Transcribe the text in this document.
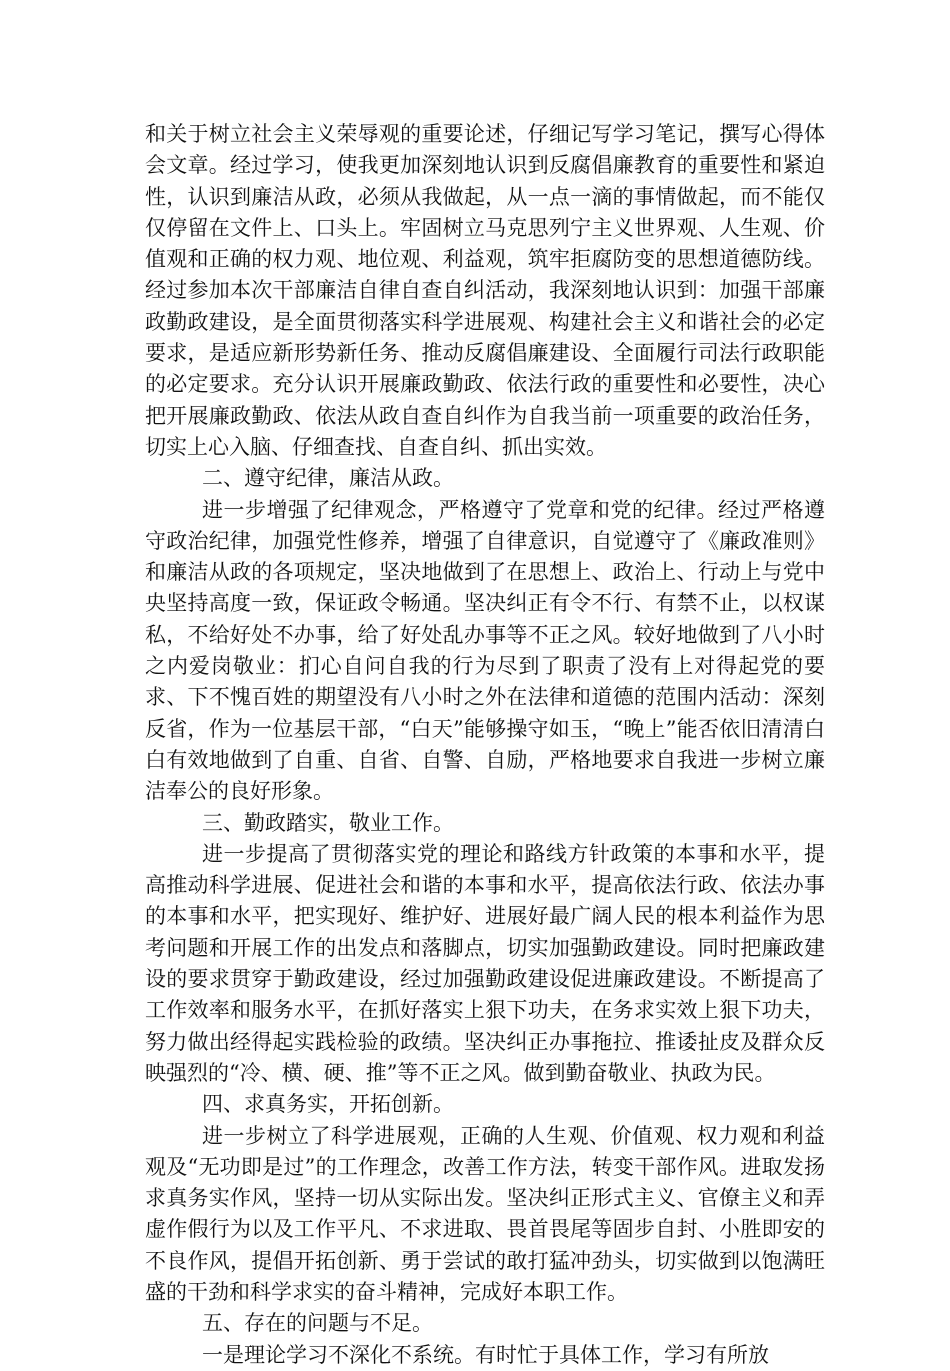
和关于树立社会主义荣辱观的重要论述，仔细记写学习笔记，撰写心得体会文章。经过学习，使我更加深刻地认识到反腐倡廉教育的重要性和紧迫性，认识到廉洁从政，必须从我做起，从一点一滴的事情做起，而不能仅仅停留在文件上、口头上。牢固树立马克思列宁主义世界观、人生观、价值观和正确的权力观、地位观、利益观，筑牢拒腐防变的思想道德防线。经过参加本次干部廉洁自律自查自纠活动，我深刻地认识到：加强干部廉政勤政建设，是全面贯彻落实科学进展观、构建社会主义和谐社会的必定要求，是适应新形势新任务、推动反腐倡廉建设、全面履行司法行政职能的必定要求。充分认识开展廉政勤政、依法行政的重要性和必要性，决心把开展廉政勤政、依法从政自查自纠作为自我当前一项重要的政治任务，切实上心入脑、仔细查找、自查自纠、抓出实效。

二、遵守纪律，廉洁从政。

进一步增强了纪律观念，严格遵守了党章和党的纪律。经过严格遵守政治纪律，加强党性修养，增强了自律意识，自觉遵守了《廉政准则》和廉洁从政的各项规定，坚决地做到了在思想上、政治上、行动上与党中央坚持高度一致，保证政令畅通。坚决纠正有令不行、有禁不止，以权谋私，不给好处不办事，给了好处乱办事等不正之风。较好地做到了八小时之内爱岗敬业：扪心自问自我的行为尽到了职责了没有上对得起党的要求、下不愧百姓的期望没有八小时之外在法律和道德的范围内活动：深刻反省，作为一位基层干部，“白天”能够操守如玉，“晚上”能否依旧清清白白有效地做到了自重、自省、自警、自励，严格地要求自我进一步树立廉洁奉公的良好形象。

三、勤政踏实，敬业工作。

进一步提高了贯彻落实党的理论和路线方针政策的本事和水平，提高推动科学进展、促进社会和谐的本事和水平，提高依法行政、依法办事的本事和水平，把实现好、维护好、进展好最广阔人民的根本利益作为思考问题和开展工作的出发点和落脚点，切实加强勤政建设。同时把廉政建设的要求贯穿于勤政建设，经过加强勤政建设促进廉政建设。不断提高了工作效率和服务水平，在抓好落实上狠下功夫，在务求实效上狠下功夫，努力做出经得起实践检验的政绩。坚决纠正办事拖拉、推诿扯皮及群众反映强烈的“冷、横、硬、推”等不正之风。做到勤奋敬业、执政为民。

四、求真务实，开拓创新。

进一步树立了科学进展观，正确的人生观、价值观、权力观和利益观及“无功即是过”的工作理念，改善工作方法，转变干部作风。进取发扬求真务实作风，坚持一切从实际出发。坚决纠正形式主义、官僚主义和弄虚作假行为以及工作平凡、不求进取、畏首畏尾等固步自封、小胜即安的不良作风，提倡开拓创新、勇于尝试的敢打猛冲劲头，切实做到以饱满旺盛的干劲和科学求实的奋斗精神，完成好本职工作。

五、存在的问题与不足。

一是理论学习不深化不系统。有时忙于具体工作，学习有所放
